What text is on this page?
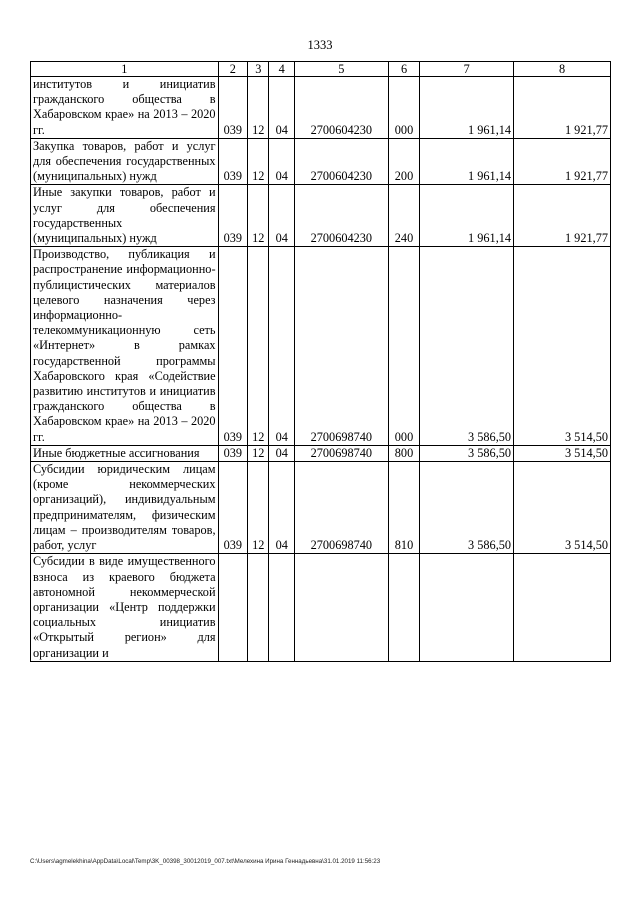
1333
1	2	3	4	5	6	7	8
институтов и инициатив гражданского общества в Хабаровском крае» на 2013 – 2020 гг.	039	12	04	2700604230	000	1 961,14	1 921,77
Закупка товаров, работ и услуг для обеспечения государственных (муниципальных) нужд	039	12	04	2700604230	200	1 961,14	1 921,77
Иные закупки товаров, работ и услуг для обеспечения государственных (муниципальных) нужд	039	12	04	2700604230	240	1 961,14	1 921,77
Производство, публикация и распространение информационно-публицистических материалов целевого назначения через информационно-телекоммуникационную сеть «Интернет» в рамках государственной программы Хабаровского края «Содействие развитию институтов и инициатив гражданского общества в Хабаровском крае» на 2013 – 2020 гг.	039	12	04	2700698740	000	3 586,50	3 514,50
Иные бюджетные ассигнования	039	12	04	2700698740	800	3 586,50	3 514,50
Субсидии юридическим лицам (кроме некоммерческих организаций), индивидуальным предпринимателям, физическим лицам – производителям товаров, работ, услуг	039	12	04	2700698740	810	3 586,50	3 514,50
Субсидии в виде имущественного взноса из краевого бюджета автономной некоммерческой организации «Центр поддержки социальных инициатив «Открытый регион» для организации и							
C:\Users\agmelekhina\AppData\Local\Temp\3K_00398_30012019_007.txt\Мелехина Ирина Геннадьевна\31.01.2019 11:56:23
